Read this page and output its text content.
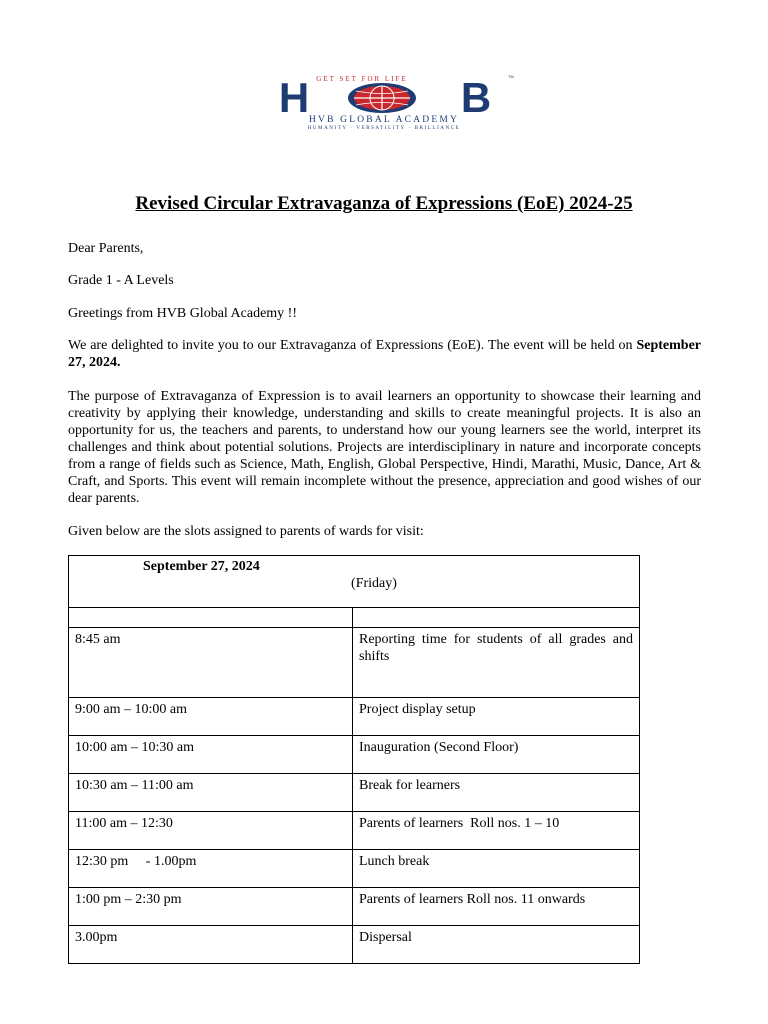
GET SET FOR LIFE	TM
H	B
HVB GLOBAL ACADEMY
HUMANITY · VERSATILITY · BRILLIANCE
Revised Circular Extravaganza of Expressions (EoE) 2024-25
Dear Parents,
Grade 1 - A Levels
Greetings from HVB Global Academy !!
We are delighted to invite you to our Extravaganza of Expressions (EoE). The event will be held on September 27, 2024.
The purpose of Extravaganza of Expression is to avail learners an opportunity to showcase their learning and creativity by applying their knowledge, understanding and skills to create meaningful projects. It is also an opportunity for us, the teachers and parents, to understand how our young learners see the world, interpret its challenges and think about potential solutions. Projects are interdisciplinary in nature and incorporate concepts from a range of fields such as Science, Math, English, Global Perspective, Hindi, Marathi, Music, Dance, Art & Craft, and Sports. This event will remain incomplete without the presence, appreciation and good wishes of our dear parents.
Given below are the slots assigned to parents of wards for visit:
September 27, 2024
(Friday)	

8:45 am	Reporting time for students of all grades and shifts
9:00 am – 10:00 am	Project display setup
10:00 am – 10:30 am	Inauguration (Second Floor)
10:30 am – 11:00 am	Break for learners
11:00 am – 12:30	Parents of learners  Roll nos. 1 – 10
12:30 pm     - 1.00pm	Lunch break
1:00 pm – 2:30 pm	Parents of learners Roll nos. 11 onwards
3.00pm	Dispersal
